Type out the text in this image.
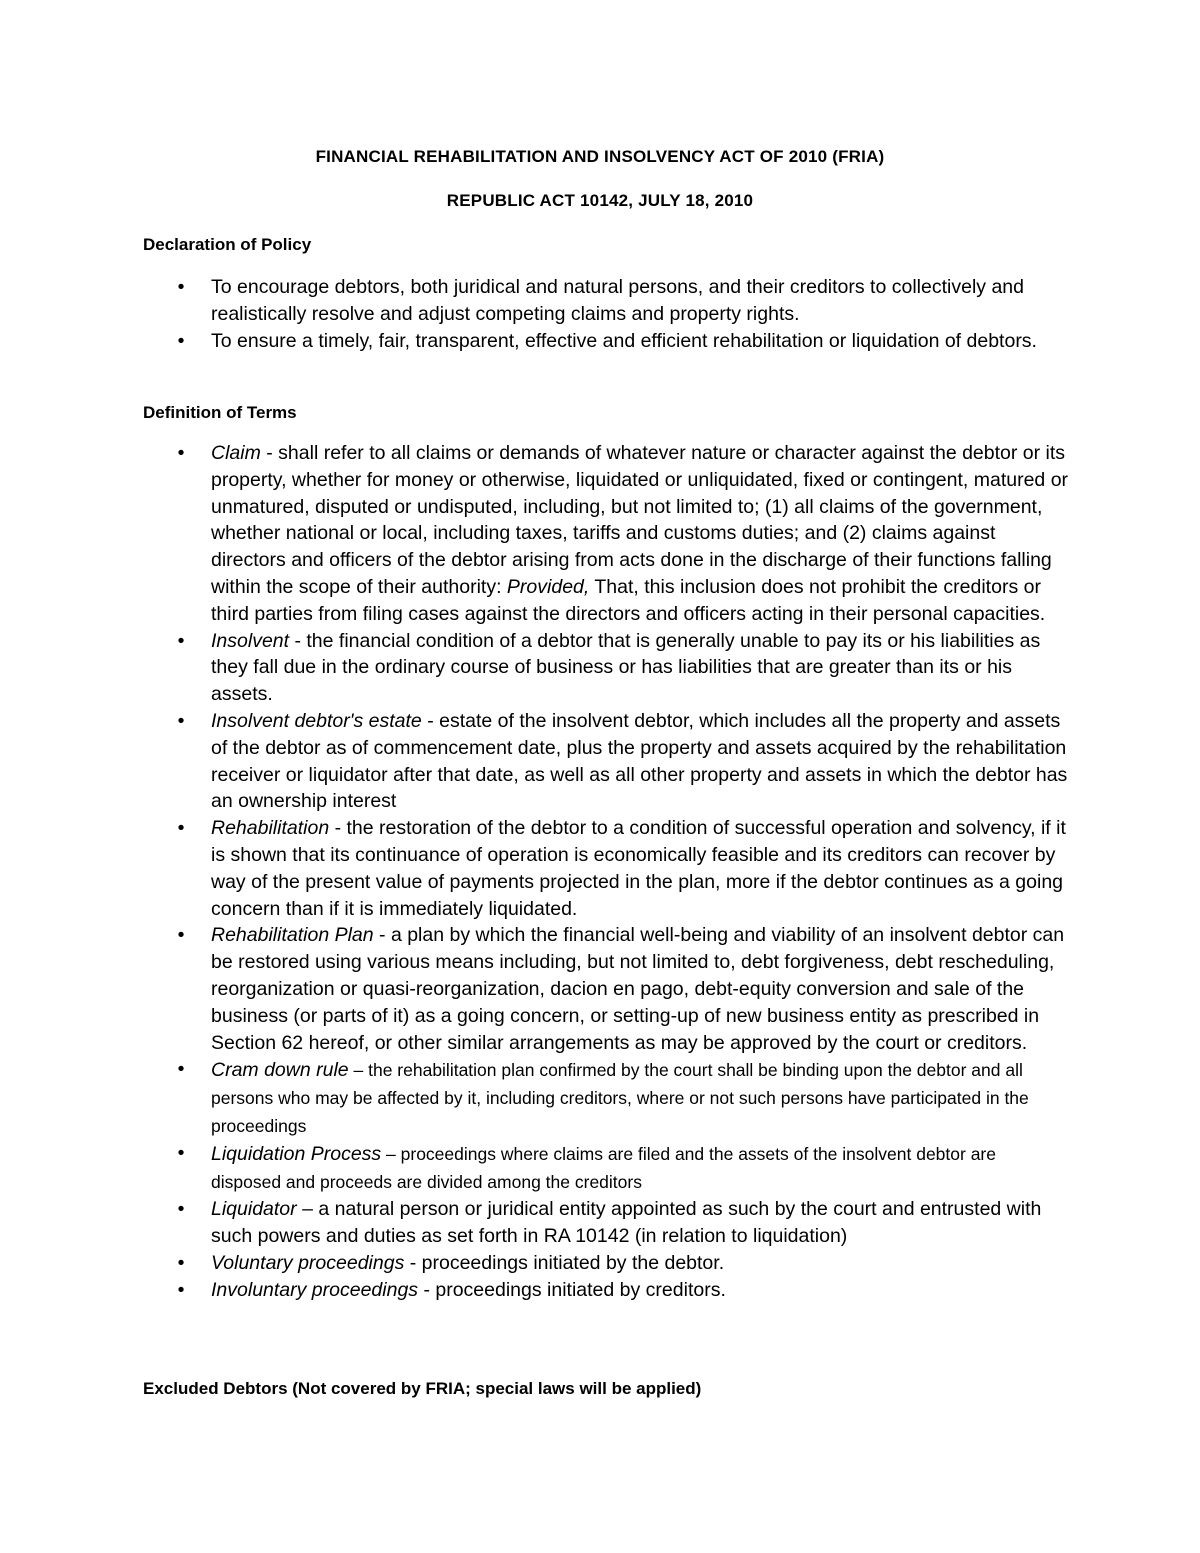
FINANCIAL REHABILITATION AND INSOLVENCY ACT OF 2010 (FRIA)
REPUBLIC ACT 10142, JULY 18, 2010
Declaration of Policy
• To encourage debtors, both juridical and natural persons, and their creditors to collectively and realistically resolve and adjust competing claims and property rights.
• To ensure a timely, fair, transparent, effective and efficient rehabilitation or liquidation of debtors.
Definition of Terms
• Claim - shall refer to all claims or demands of whatever nature or character against the debtor or its property, whether for money or otherwise, liquidated or unliquidated, fixed or contingent, matured or unmatured, disputed or undisputed, including, but not limited to; (1) all claims of the government, whether national or local, including taxes, tariffs and customs duties; and (2) claims against directors and officers of the debtor arising from acts done in the discharge of their functions falling within the scope of their authority: Provided, That, this inclusion does not prohibit the creditors or third parties from filing cases against the directors and officers acting in their personal capacities.
• Insolvent - the financial condition of a debtor that is generally unable to pay its or his liabilities as they fall due in the ordinary course of business or has liabilities that are greater than its or his assets.
• Insolvent debtor's estate - estate of the insolvent debtor, which includes all the property and assets of the debtor as of commencement date, plus the property and assets acquired by the rehabilitation receiver or liquidator after that date, as well as all other property and assets in which the debtor has an ownership interest
• Rehabilitation - the restoration of the debtor to a condition of successful operation and solvency, if it is shown that its continuance of operation is economically feasible and its creditors can recover by way of the present value of payments projected in the plan, more if the debtor continues as a going concern than if it is immediately liquidated.
• Rehabilitation Plan - a plan by which the financial well-being and viability of an insolvent debtor can be restored using various means including, but not limited to, debt forgiveness, debt rescheduling, reorganization or quasi-reorganization, dacion en pago, debt-equity conversion and sale of the business (or parts of it) as a going concern, or setting-up of new business entity as prescribed in Section 62 hereof, or other similar arrangements as may be approved by the court or creditors.
• Cram down rule – the rehabilitation plan confirmed by the court shall be binding upon the debtor and all persons who may be affected by it, including creditors, where or not such persons have participated in the proceedings
• Liquidation Process – proceedings where claims are filed and the assets of the insolvent debtor are disposed and proceeds are divided among the creditors
• Liquidator – a natural person or juridical entity appointed as such by the court and entrusted with such powers and duties as set forth in RA 10142 (in relation to liquidation)
• Voluntary proceedings - proceedings initiated by the debtor.
• Involuntary proceedings - proceedings initiated by creditors.
Excluded Debtors (Not covered by FRIA; special laws will be applied)
